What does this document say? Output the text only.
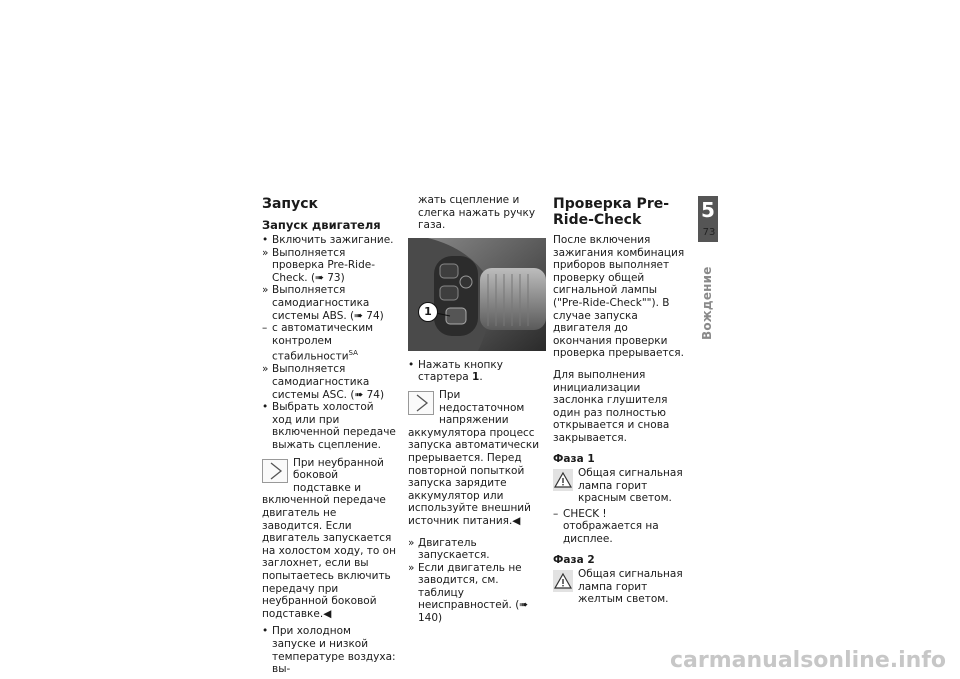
Запуск
Запуск двигателя
• Включить зажигание.
» Выполняется проверка Pre-Ride-Check. (➠ 73)
» Выполняется самодиагностика системы ABS. (➠ 74)
– с автоматическим контролем стабильности$^{SA}$
» Выполняется самодиагностика системы ASC. (➠ 74)
• Выбрать холостой ход или при включенной передаче выжать сцепление.

При неубранной боковой подставке и включенной передаче двигатель не заводится. Если двигатель запускается на холостом ходу, то он заглохнет, если вы попытаетесь включить передачу при неубранной боковой подставке.◀

• При холодном запуске и низкой температуре воздуха: вы-

жать сцепление и слегка нажать ручку газа.

1
• Нажать кнопку стартера 1.

При недостаточном напряжении аккумулятора процесс запуска автоматически прерывается. Перед повторной попыткой запуска зарядите аккумулятор или используйте внешний источник питания.◀

» Двигатель запускается.
» Если двигатель не заводится, см. таблицу неисправностей. (➠ 140)
Проверка Pre-Ride-Check

После включения зажигания комбинация приборов выполняет проверку общей сигнальной лампы ("Pre-Ride-Check""). В случае запуска двигателя до окончания проверки проверка прерывается.

Для выполнения инициализации заслонка глушителя один раз полностью открывается и снова закрывается.

Фаза 1

Общая сигнальная лампа горит красным светом.

– CHECK ! отображается на дисплее.
Фаза 2

Общая сигнальная лампа горит желтым светом.

5
73
Вождение
carmanualsonline.info
